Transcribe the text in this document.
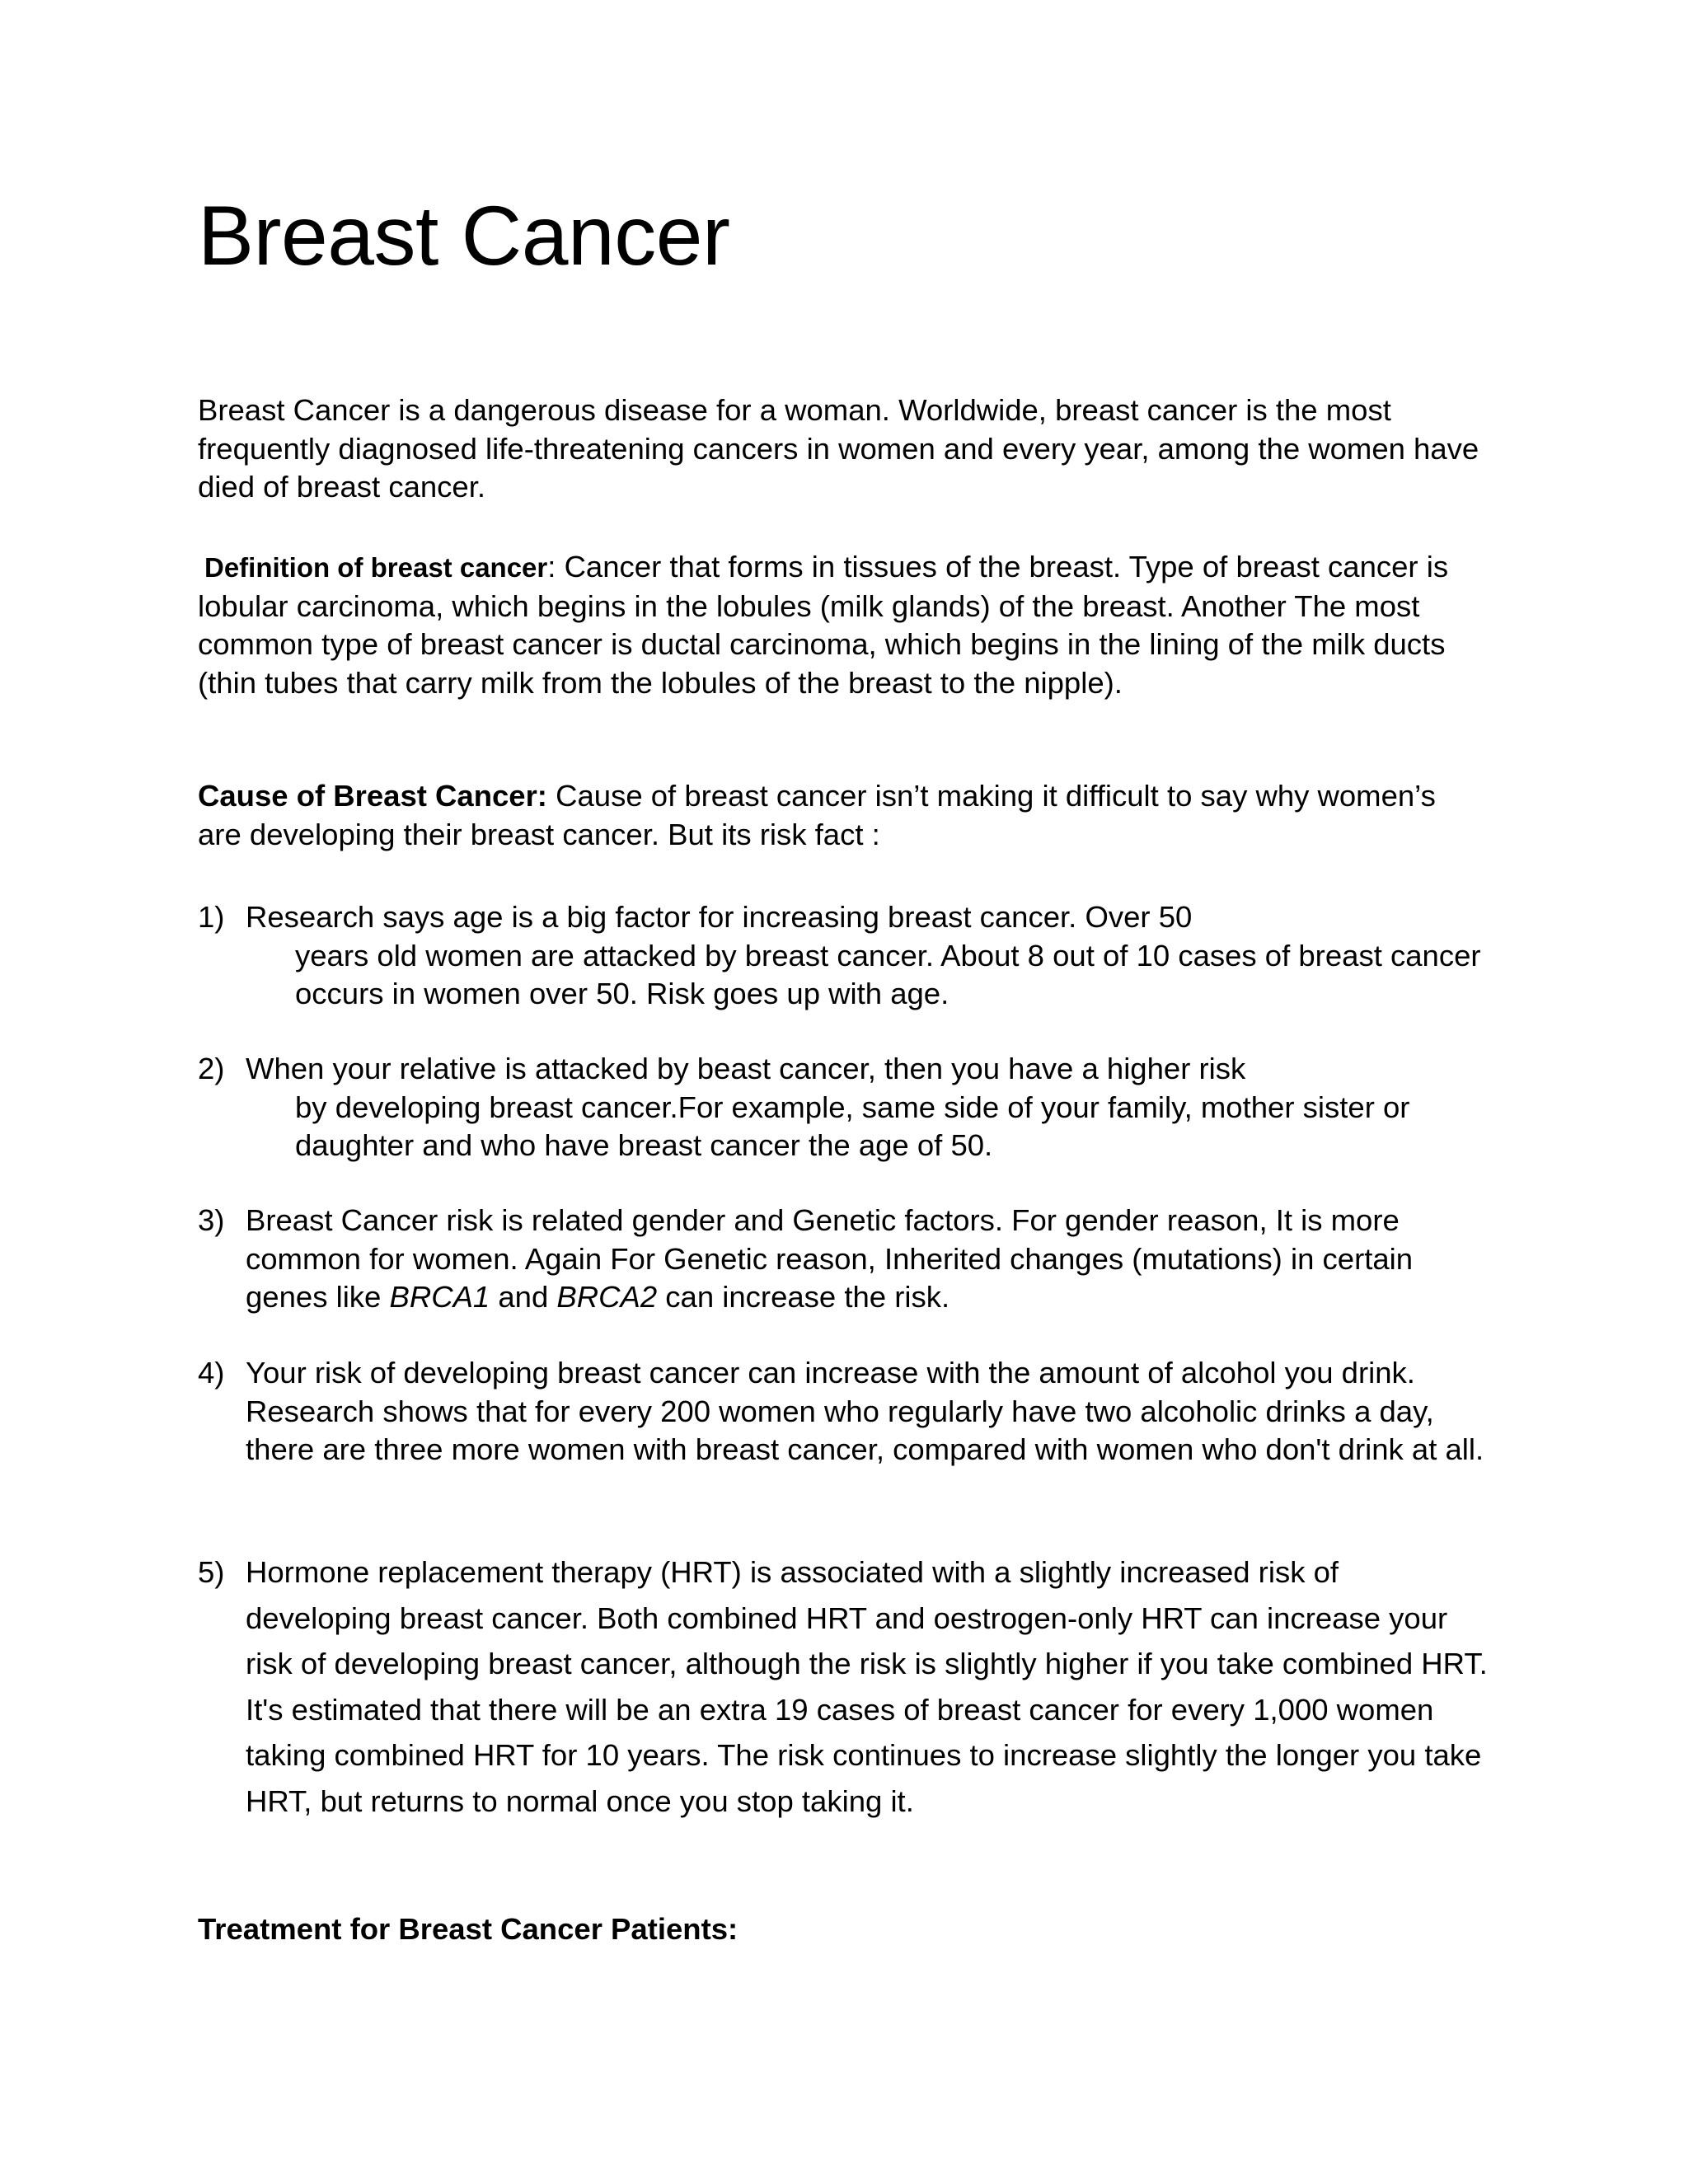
Breast Cancer

Breast Cancer is a dangerous disease for a woman. Worldwide, breast cancer is the most frequently diagnosed life-threatening cancers in women and every year, among the women have died of breast cancer.

Definition of breast cancer: Cancer that forms in tissues of the breast. Type of breast cancer is lobular carcinoma, which begins in the lobules (milk glands) of the breast. Another The most common type of breast cancer is ductal carcinoma, which begins in the lining of the milk ducts (thin tubes that carry milk from the lobules of the breast to the nipple).

Cause of Breast Cancer: Cause of breast cancer isn’t making it difficult to say why women’s are developing their breast cancer. But its risk fact :

1) Research says age is a big factor for increasing breast cancer. Over 50
years old women are attacked by breast cancer. About 8 out of 10 cases of breast cancer occurs in women over 50. Risk goes up with age.
2) When your relative is attacked by beast cancer, then you have a higher risk
by developing breast cancer.For example, same side of your family, mother sister or daughter and who have breast cancer the age of 50.
3) Breast Cancer risk is related gender and Genetic factors. For gender reason, It is more common for women. Again For Genetic reason, Inherited changes (mutations) in certain genes like BRCA1 and BRCA2 can increase the risk.
4) Your risk of developing breast cancer can increase with the amount of alcohol you drink. Research shows that for every 200 women who regularly have two alcoholic drinks a day, there are three more women with breast cancer, compared with women who don't drink at all.
5) Hormone replacement therapy (HRT) is associated with a slightly increased risk of developing breast cancer. Both combined HRT and oestrogen-only HRT can increase your risk of developing breast cancer, although the risk is slightly higher if you take combined HRT.
It's estimated that there will be an extra 19 cases of breast cancer for every 1,000 women taking combined HRT for 10 years. The risk continues to increase slightly the longer you take HRT, but returns to normal once you stop taking it.
Treatment for Breast Cancer Patients:
